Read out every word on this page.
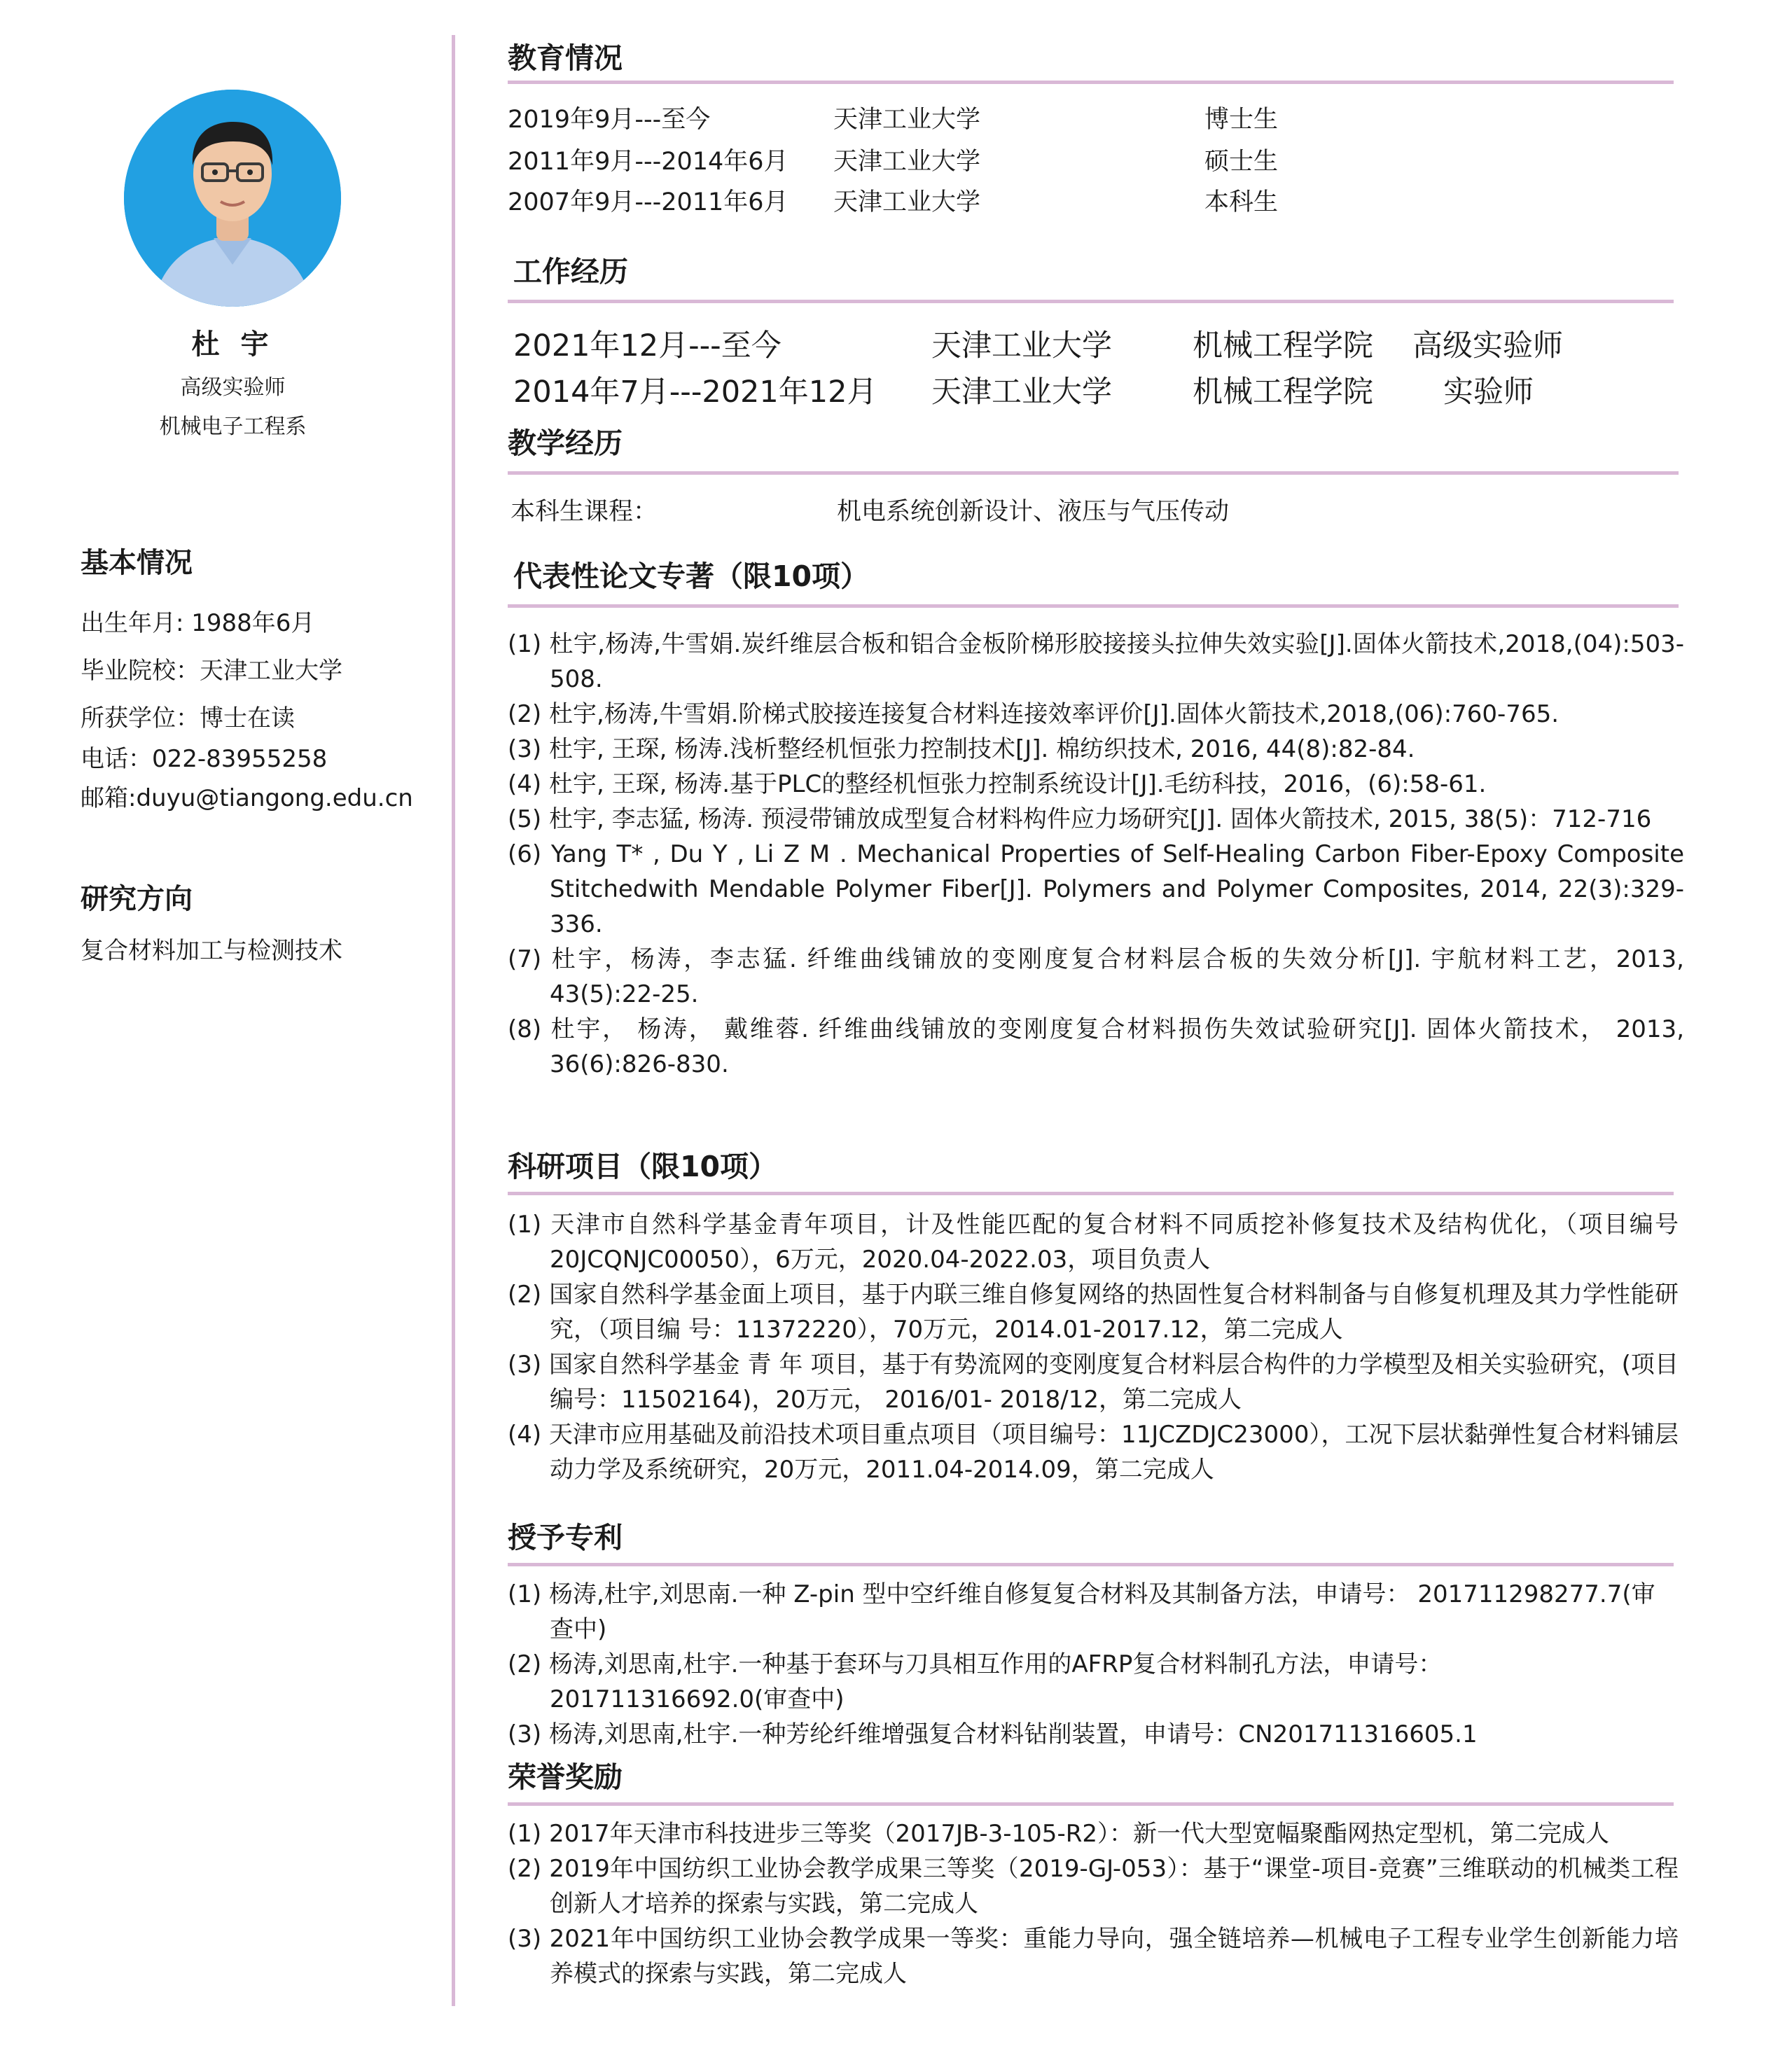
杜 宇
高级实验师
机械电子工程系
基本情况
出生年月: 1988年6月
毕业院校：天津工业大学
所获学位：博士在读
电话：022-83955258
邮箱:duyu@tiangong.edu.cn
研究方向
复合材料加工与检测技术
教育情况
2019年9月---至今	天津工业大学	博士生
2011年9月---2014年6月 天津工业大学	硕士生
2007年9月---2011年6月 天津工业大学	本科生
工作经历
2021年12月---至今	天津工业大学	机械工程学院 高级实验师
2014年7月---2021年12月 天津工业大学	机械工程学院 实验师
教学经历
本科生课程：	机电系统创新设计、液压与气压传动
代表性论文专著（限10项）
(1) 杜宇,杨涛,牛雪娟.炭纤维层合板和铝合金板阶梯形胶接接头拉伸失效实验[J].固体火箭技术,2018,(04):503-508.
(2) 杜宇,杨涛,牛雪娟.阶梯式胶接连接复合材料连接效率评价[J].固体火箭技术,2018,(06):760-765.
(3) 杜宇, 王琛, 杨涛.浅析整经机恒张力控制技术[J]. 棉纺织技术, 2016, 44(8):82-84.
(4) 杜宇, 王琛, 杨涛.基于PLC的整经机恒张力控制系统设计[J].毛纺科技，2016，(6):58-61.
(5) 杜宇, 李志猛, 杨涛. 预浸带铺放成型复合材料构件应力场研究[J]. 固体火箭技术, 2015, 38(5)：712-716
(6) Yang T* , Du Y , Li Z M . Mechanical Properties of Self-Healing Carbon Fiber-Epoxy Composite Stitchedwith Mendable Polymer Fiber[J]. Polymers and Polymer Composites, 2014, 22(3):329-336.
(7) 杜宇，杨涛，李志猛. 纤维曲线铺放的变刚度复合材料层合板的失效分析[J]. 宇航材料工艺，2013, 43(5):22-25.
(8) 杜宇， 杨涛， 戴维蓉. 纤维曲线铺放的变刚度复合材料损伤失效试验研究[J]. 固体火箭技术， 2013, 36(6):826-830.
科研项目（限10项）
(1) 天津市自然科学基金青年项目，计及性能匹配的复合材料不同质挖补修复技术及结构优化，（项目编号20JCQNJC00050），6万元，2020.04-2022.03，项目负责人
(2) 国家自然科学基金面上项目，基于内联三维自修复网络的热固性复合材料制备与自修复机理及其力学性能研究，（项目编 号：11372220），70万元，2014.01-2017.12，第二完成人
(3) 国家自然科学基金 青 年 项目，基于有势流网的变刚度复合材料层合构件的力学模型及相关实验研究，(项目编号：11502164)，20万元， 2016/01- 2018/12，第二完成人
(4) 天津市应用基础及前沿技术项目重点项目（项目编号：11JCZDJC23000），工况下层状黏弹性复合材料铺层动力学及系统研究，20万元，2011.04-2014.09，第二完成人
授予专利
(1) 杨涛,杜宇,刘思南.一种 Z-pin 型中空纤维自修复复合材料及其制备方法，申请号： 201711298277.7(审查中)
(2) 杨涛,刘思南,杜宇.一种基于套环与刀具相互作用的AFRP复合材料制孔方法，申请号：201711316692.0(审查中)
(3) 杨涛,刘思南,杜宇.一种芳纶纤维增强复合材料钻削装置，申请号：CN201711316605.1
荣誉奖励
(1) 2017年天津市科技进步三等奖（2017JB-3-105-R2）：新一代大型宽幅聚酯网热定型机，第二完成人
(2) 2019年中国纺织工业协会教学成果三等奖（2019-GJ-053）：基于“课堂-项目-竞赛”三维联动的机械类工程创新人才培养的探索与实践，第二完成人
(3) 2021年中国纺织工业协会教学成果一等奖：重能力导向，强全链培养—机械电子工程专业学生创新能力培养模式的探索与实践，第二完成人
